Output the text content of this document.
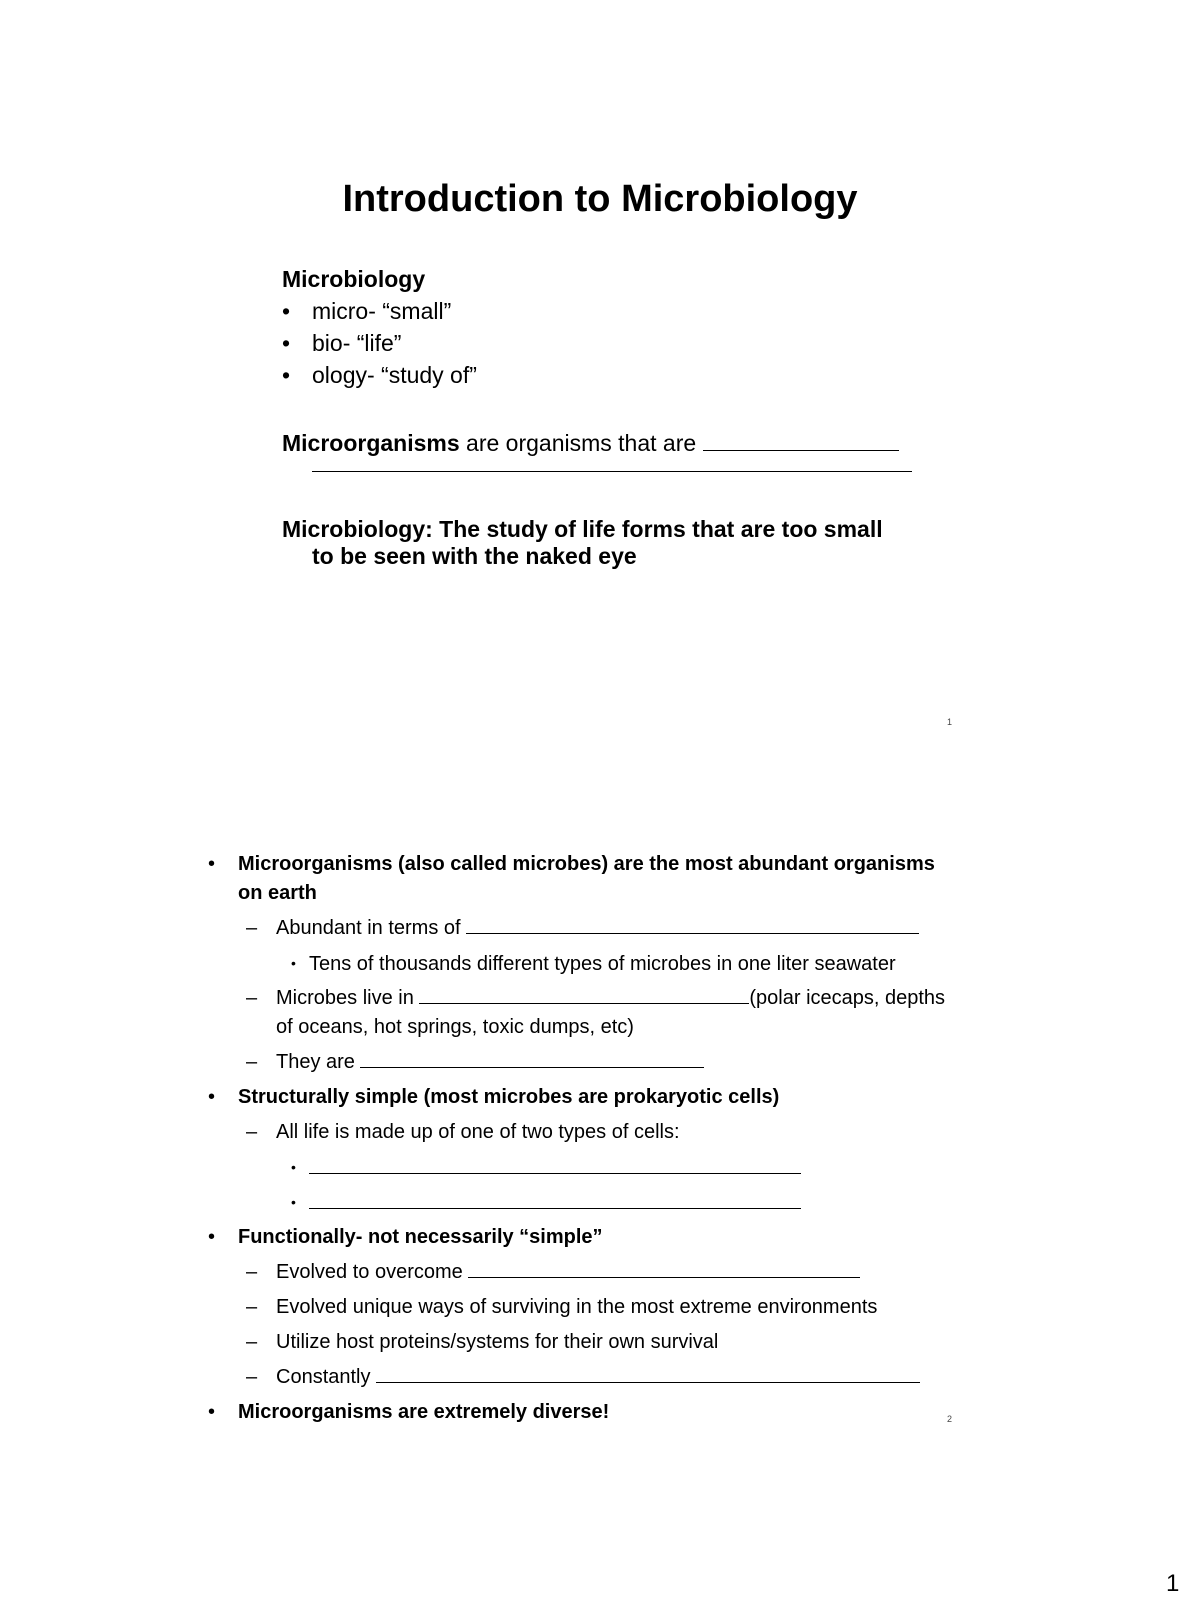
Introduction to Microbiology
Microbiology
• micro- “small”
• bio- “life”
• ology- “study of”
Microorganisms are organisms that are
Microbiology: The study of life forms that are too small
to be seen with the naked eye
1
• Microorganisms (also called microbes) are the most abundant organisms
on earth
– Abundant in terms of
• Tens of thousands different types of microbes in one liter seawater
– Microbes live in	(polar icecaps, depths
of oceans, hot springs, toxic dumps, etc)
– They are
• Structurally simple (most microbes are prokaryotic cells)
– All life is made up of one of two types of cells:
•
•
• Functionally- not necessarily “simple”
– Evolved to overcome
– Evolved unique ways of surviving in the most extreme environments
– Utilize host proteins/systems for their own survival
– Constantly
• Microorganisms are extremely diverse!	2
1
